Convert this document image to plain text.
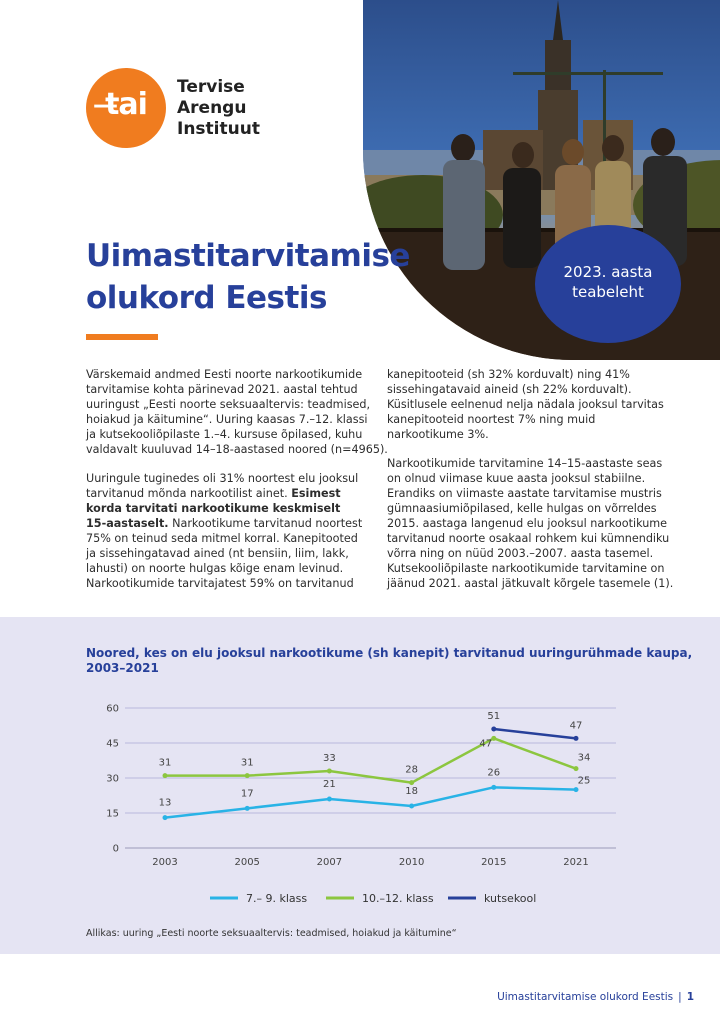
t̶ai	Tervise
Arengu
Instituut
Uimastitarvitamise
olukord Eestis
2023. aasta
teabeleht

Värskemaid andmed Eesti noorte narkootikumide
tarvitamise kohta pärinevad 2021. aastal tehtud
uuringust „Eesti noorte seksuaaltervis: teadmised,
hoiakud ja käitumine“. Uuring kaasas 7.–12. klassi
ja kutsekooliõpilaste 1.–4. kursuse õpilased, kuhu
valdavalt kuuluvad 14–18-aastased noored (n=4965).

Uuringule tuginedes oli 31% noortest elu jooksul
tarvitanud mõnda narkootilist ainet. Esimest
korda tarvitati narkootikume keskmiselt
15-aastaselt. Narkootikume tarvitanud noortest
75% on teinud seda mitmel korral. Kanepitooted
ja sissehingatavad ained (nt bensiin, liim, lakk,
lahusti) on noorte hulgas kõige enam levinud.
Narkootikumide tarvitajatest 59% on tarvitanud

kanepitooteid (sh 32% korduvalt) ning 41%
sissehingatavaid aineid (sh 22% korduvalt).
Küsitlusele eelnenud nelja nädala jooksul tarvitas
kanepitooteid noortest 7% ning muid
narkootikume 3%.

Narkootikumide tarvitamine 14–15-aastaste seas
on olnud viimase kuue aasta jooksul stabiilne.
Erandiks on viimaste aastate tarvitamise mustris
gümnaasiumiõpilased, kelle hulgas on võrreldes
2015. aastaga langenud elu jooksul narkootikume
tarvitanud noorte osakaal rohkem kui kümnendiku
võrra ning on nüüd 2003.–2007. aasta tasemel.
Kutsekooliõpilaste narkootikumide tarvitamine on
jäänud 2021. aastal jätkuvalt kõrgele tasemele (1).

Noored, kes on elu jooksul narkootikume (sh kanepit) tarvitanud uuringurühmade kaupa,
2003–2021
0
15
30
45
60
2003	2005	2007	2010	2015	2021
13
17
21
18
26
25
31	31	33
28
47
34
51
47
7.– 9. klass	10.–12. klass	kutsekool
Allikas: uuring „Eesti noorte seksuaaltervis: teadmised, hoiakud ja käitumine“
Uimastitarvitamise olukord Eestis | 1
